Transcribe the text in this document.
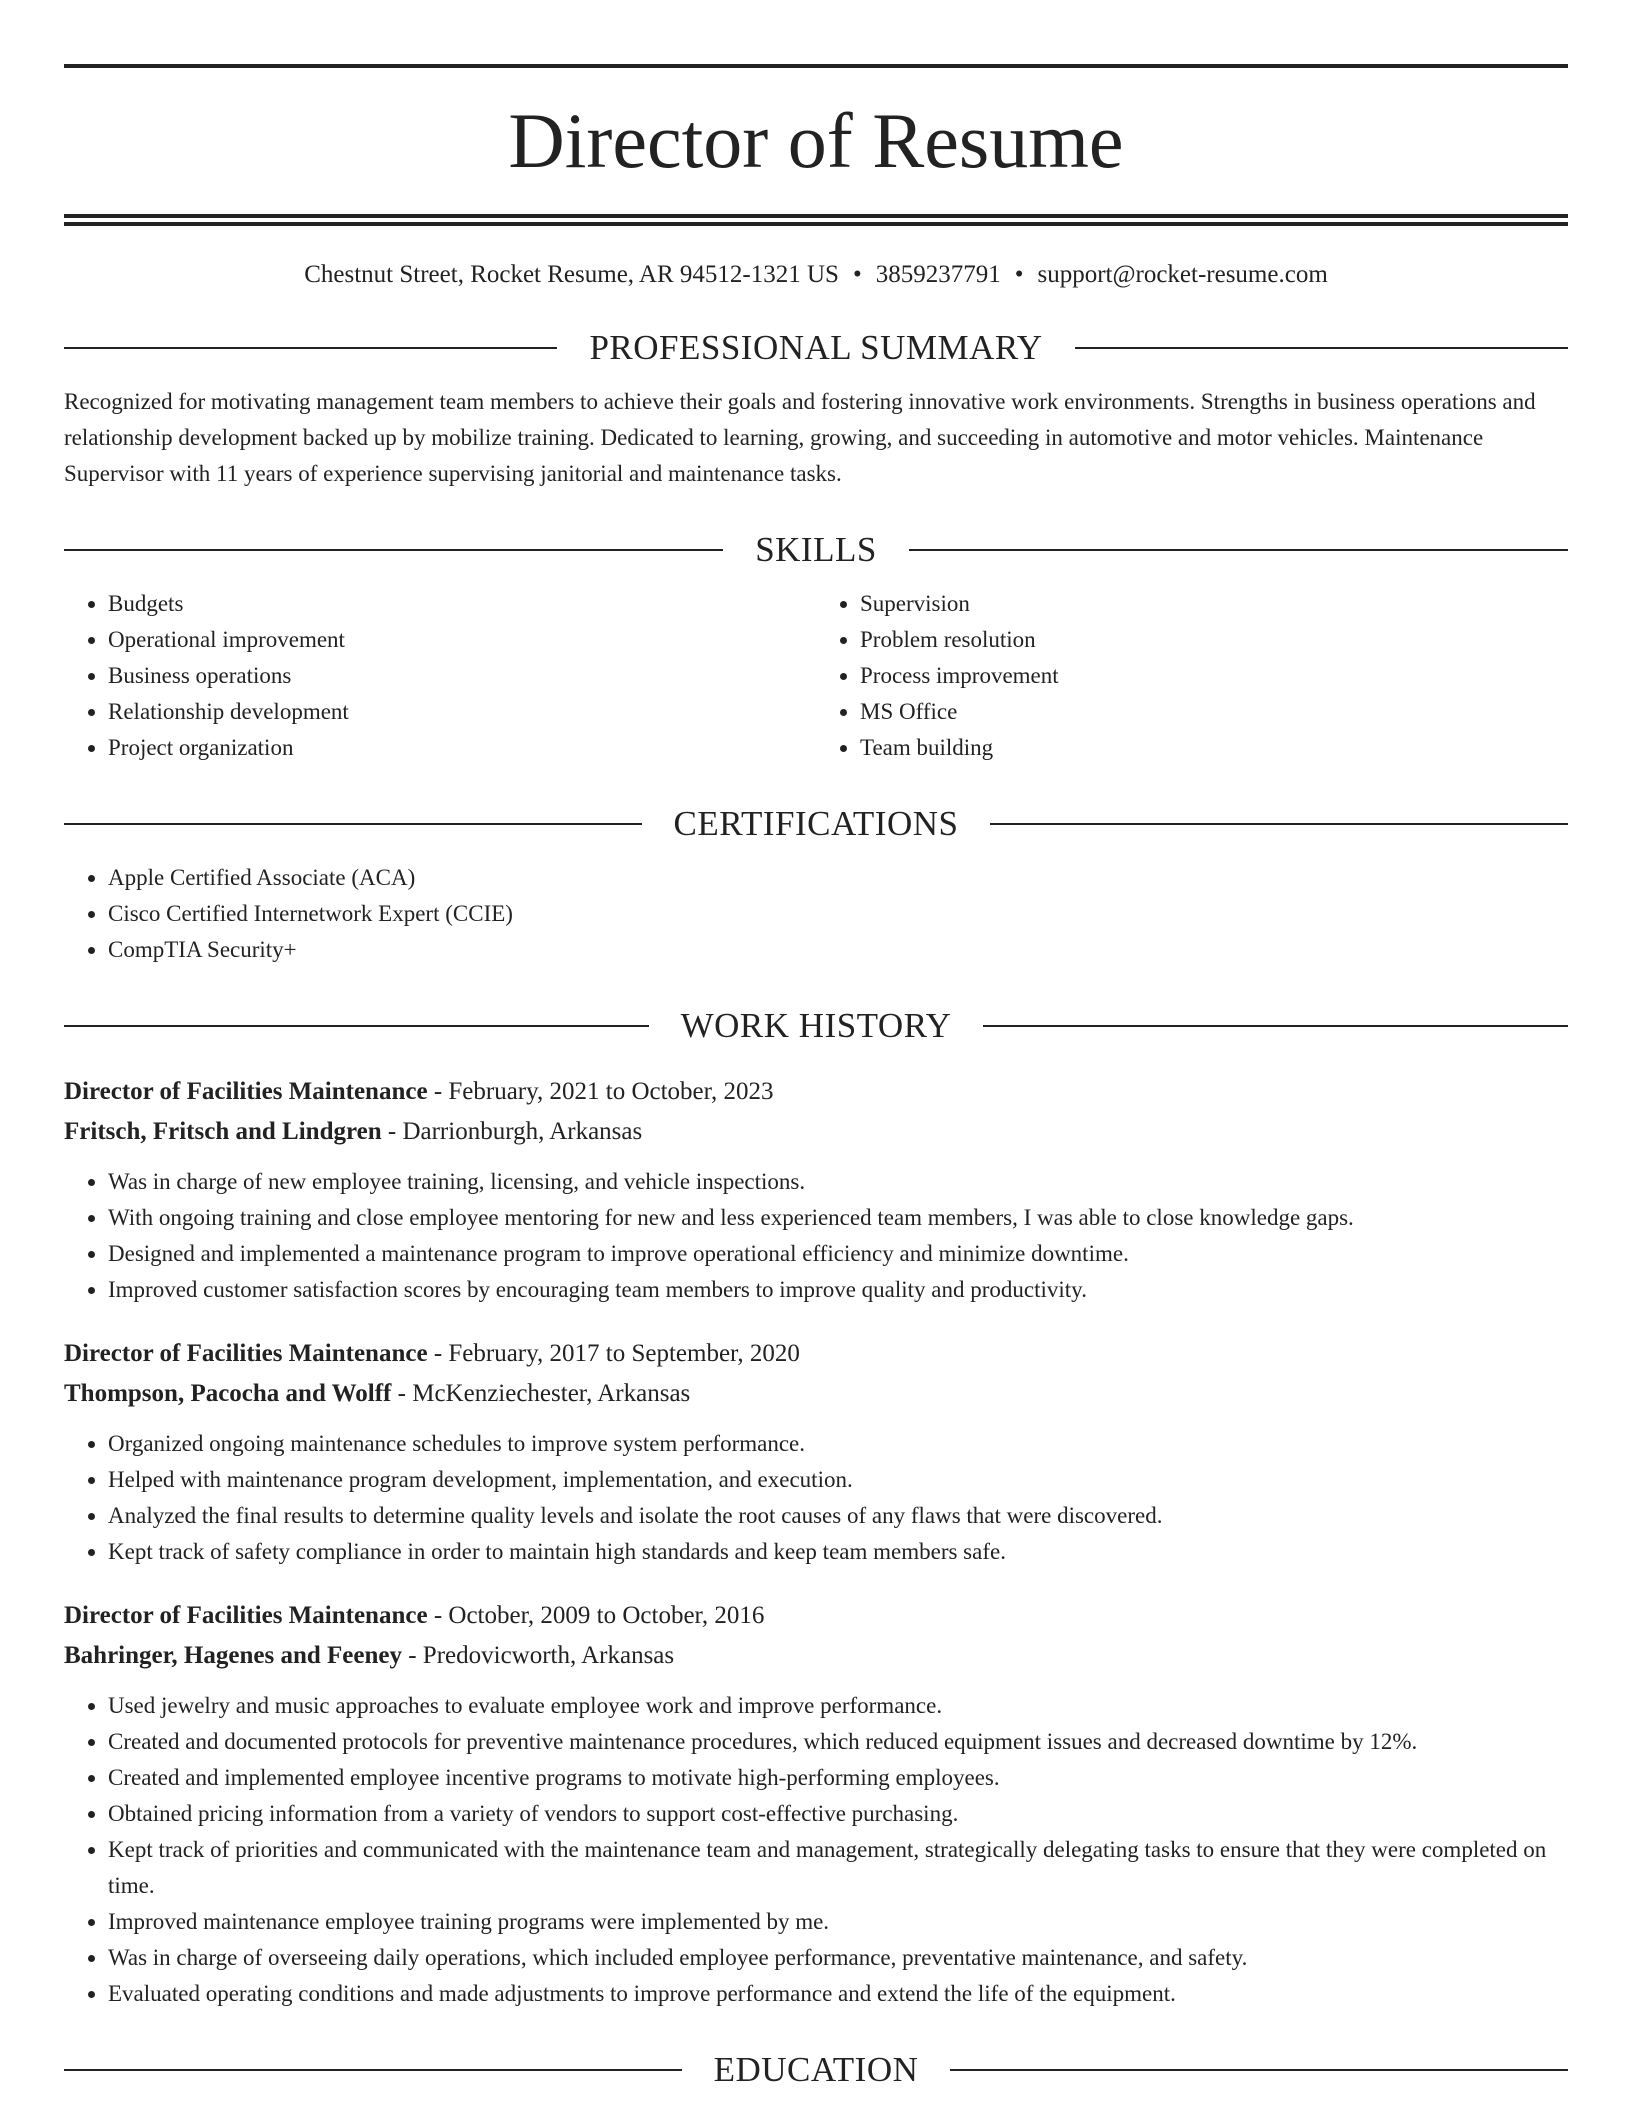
Director of Resume
Chestnut Street, Rocket Resume, AR 94512-1321 US • 3859237791 • support@rocket-resume.com
PROFESSIONAL SUMMARY
Recognized for motivating management team members to achieve their goals and fostering innovative work environments. Strengths in business operations and relationship development backed up by mobilize training. Dedicated to learning, growing, and succeeding in automotive and motor vehicles. Maintenance Supervisor with 11 years of experience supervising janitorial and maintenance tasks.
SKILLS
• Budgets
• Operational improvement
• Business operations
• Relationship development
• Project organization
• Supervision
• Problem resolution
• Process improvement
• MS Office
• Team building
CERTIFICATIONS
• Apple Certified Associate (ACA)
• Cisco Certified Internetwork Expert (CCIE)
• CompTIA Security+
WORK HISTORY
Director of Facilities Maintenance - February, 2021 to October, 2023
Fritsch, Fritsch and Lindgren - Darrionburgh, Arkansas
• Was in charge of new employee training, licensing, and vehicle inspections.
• With ongoing training and close employee mentoring for new and less experienced team members, I was able to close knowledge gaps.
• Designed and implemented a maintenance program to improve operational efficiency and minimize downtime.
• Improved customer satisfaction scores by encouraging team members to improve quality and productivity.
Director of Facilities Maintenance - February, 2017 to September, 2020
Thompson, Pacocha and Wolff - McKenziechester, Arkansas
• Organized ongoing maintenance schedules to improve system performance.
• Helped with maintenance program development, implementation, and execution.
• Analyzed the final results to determine quality levels and isolate the root causes of any flaws that were discovered.
• Kept track of safety compliance in order to maintain high standards and keep team members safe.
Director of Facilities Maintenance - October, 2009 to October, 2016
Bahringer, Hagenes and Feeney - Predovicworth, Arkansas
• Used jewelry and music approaches to evaluate employee work and improve performance.
• Created and documented protocols for preventive maintenance procedures, which reduced equipment issues and decreased downtime by 12%.
• Created and implemented employee incentive programs to motivate high-performing employees.
• Obtained pricing information from a variety of vendors to support cost-effective purchasing.
• Kept track of priorities and communicated with the maintenance team and management, strategically delegating tasks to ensure that they were completed on time.
• Improved maintenance employee training programs were implemented by me.
• Was in charge of overseeing daily operations, which included employee performance, preventative maintenance, and safety.
• Evaluated operating conditions and made adjustments to improve performance and extend the life of the equipment.
EDUCATION
